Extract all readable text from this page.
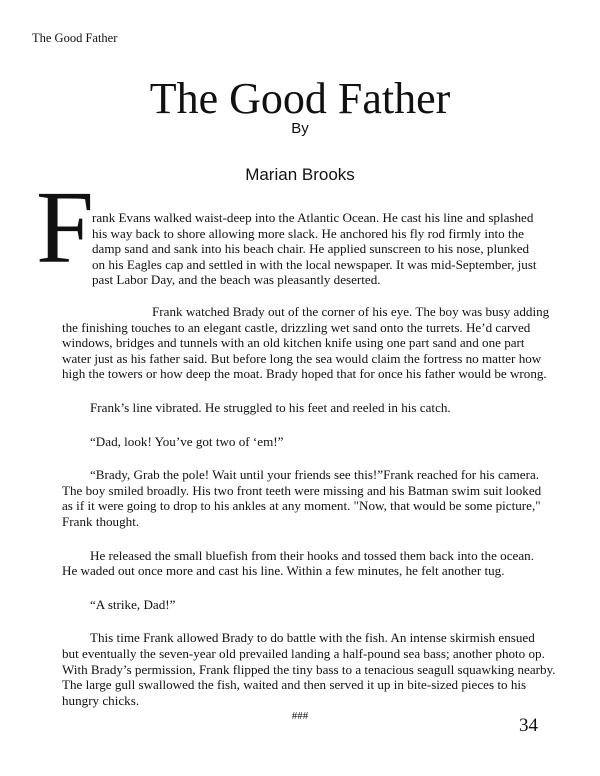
The Good Father
The Good Father
By
Marian Brooks
F
rank Evans walked waist-deep into the Atlantic Ocean. He cast his line and splashed
his way back to shore allowing more slack. He anchored his fly rod firmly into the
damp sand and sank into his beach chair. He applied sunscreen to his nose, plunked
on his Eagles cap and settled in with the local newspaper. It was mid-September, just
past Labor Day, and the beach was pleasantly deserted.

Frank watched Brady out of the corner of his eye. The boy was busy adding
the finishing touches to an elegant castle, drizzling wet sand onto the turrets. He’d carved
windows, bridges and tunnels with an old kitchen knife using one part sand and one part
water just as his father said. But before long the sea would claim the fortress no matter how
high the towers or how deep the moat. Brady hoped that for once his father would be wrong.

Frank’s line vibrated. He struggled to his feet and reeled in his catch.

“Dad, look! You’ve got two of ‘em!”

“Brady, Grab the pole! Wait until your friends see this!”Frank reached for his camera.
The boy smiled broadly. His two front teeth were missing and his Batman swim suit looked
as if it were going to drop to his ankles at any moment. "Now, that would be some picture,"
Frank thought.

He released the small bluefish from their hooks and tossed them back into the ocean.
He waded out once more and cast his line. Within a few minutes, he felt another tug.

“A strike, Dad!”

This time Frank allowed Brady to do battle with the fish. An intense skirmish ensued
but eventually the seven-year old prevailed landing a half-pound sea bass; another photo op.
With Brady’s permission, Frank flipped the tiny bass to a tenacious seagull squawking nearby.
The large gull swallowed the fish, waited and then served it up in bite-sized pieces to his
hungry chicks.

###	34
